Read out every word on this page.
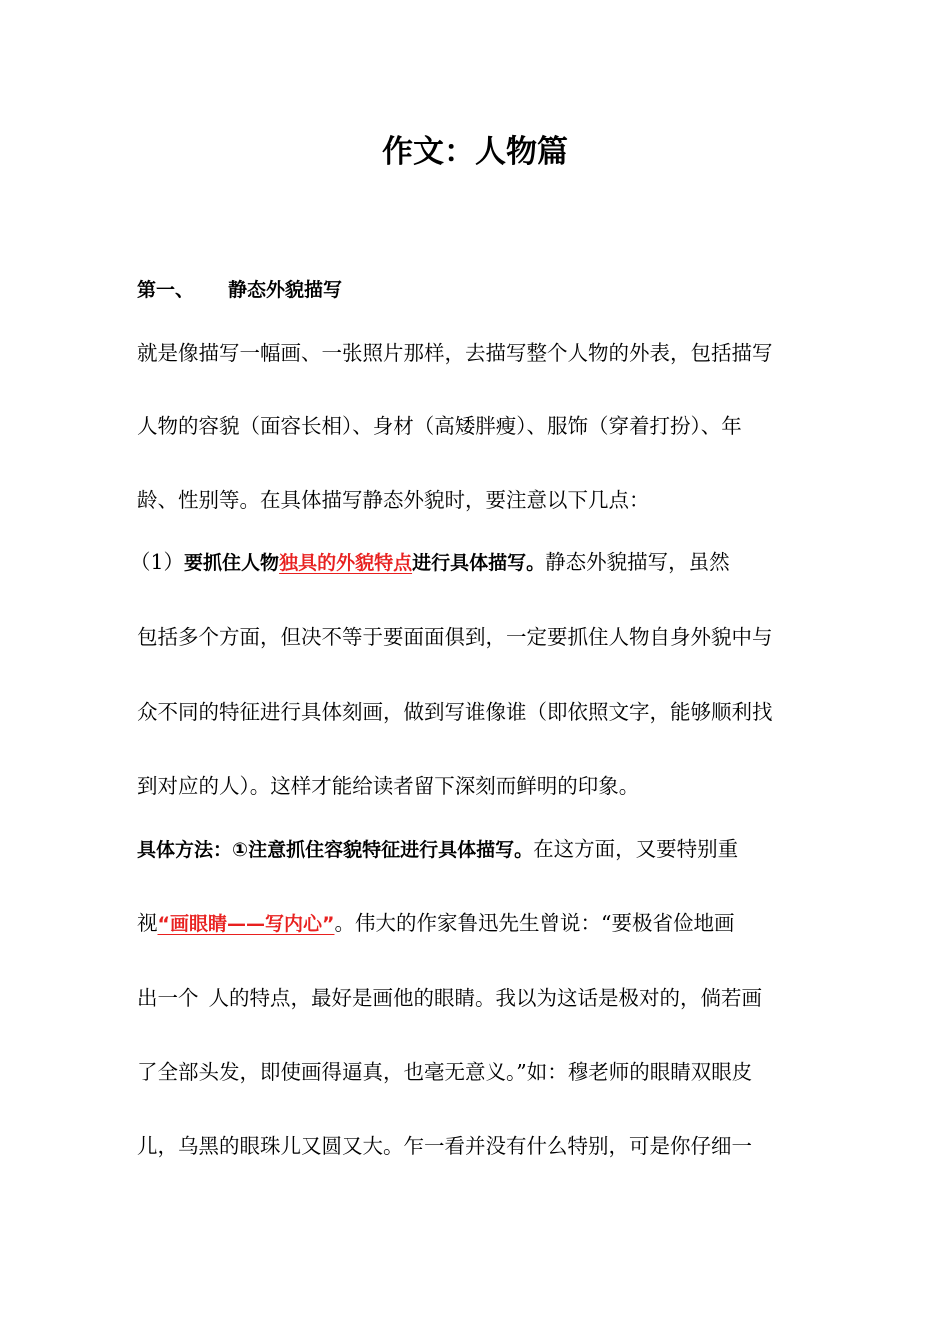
作文：人物篇
第一、 静态外貌描写
就是像描写一幅画、一张照片那样，去描写整个人物的外表，包括描写
人物的容貌（面容长相）、身材（高矮胖瘦）、服饰（穿着打扮）、年
龄、性别等。在具体描写静态外貌时，要注意以下几点：
（1）要抓住人物独具的外貌特点进行具体描写。静态外貌描写，虽然
包括多个方面，但决不等于要面面俱到，一定要抓住人物自身外貌中与
众不同的特征进行具体刻画，做到写谁像谁（即依照文字，能够顺利找
到对应的人）。这样才能给读者留下深刻而鲜明的印象。
具体方法：①注意抓住容貌特征进行具体描写。在这方面，又要特别重
视“画眼睛——写内心”。伟大的作家鲁迅先生曾说：“要极省俭地画
出一个 人的特点，最好是画他的眼睛。我以为这话是极对的，倘若画
了全部头发，即使画得逼真，也毫无意义。”如：穆老师的眼睛双眼皮
儿，乌黑的眼珠儿又圆又大。乍一看并没有什么特别，可是你仔细一
